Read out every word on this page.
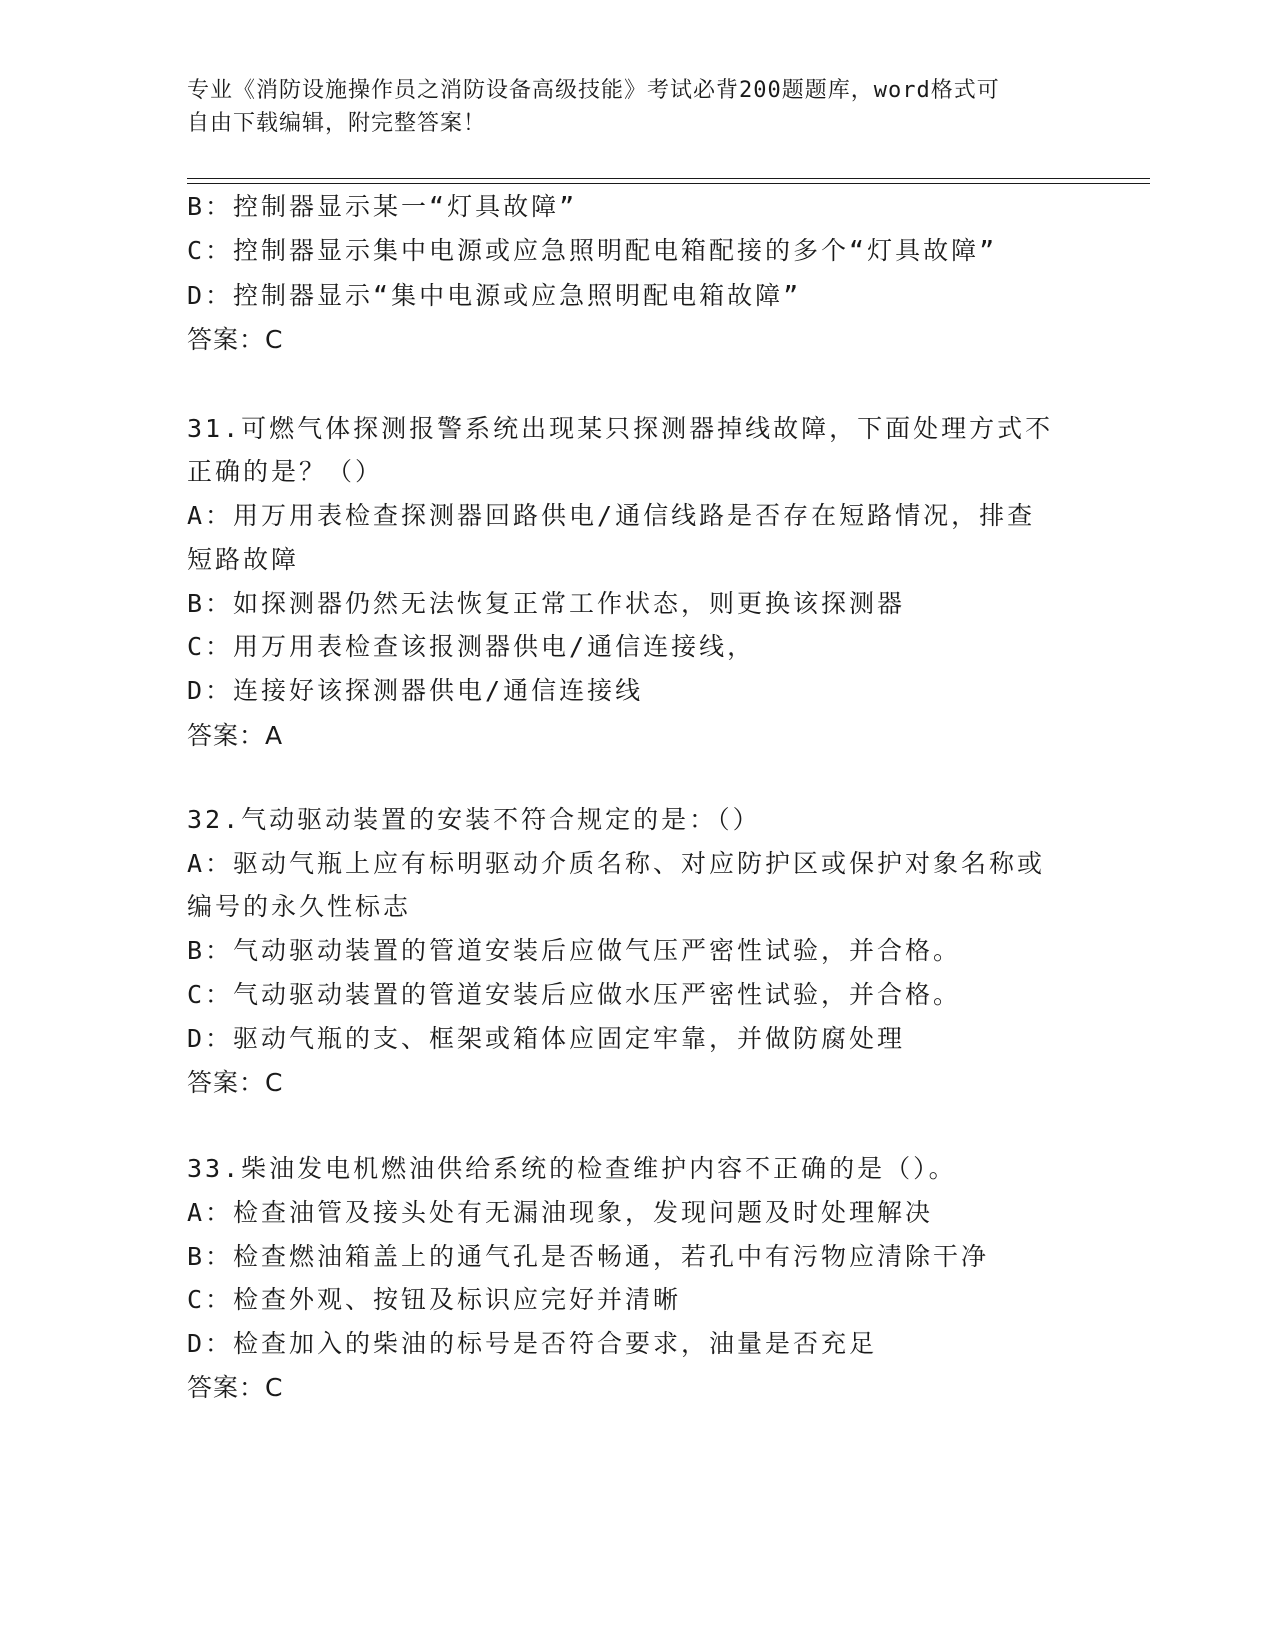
专业《消防设施操作员之消防设备高级技能》考试必背200题题库，word格式可
自由下载编辑，附完整答案！
B：控制器显示某一“灯具故障”
C：控制器显示集中电源或应急照明配电箱配接的多个“灯具故障”
D：控制器显示“集中电源或应急照明配电箱故障”
答案：C
31.可燃气体探测报警系统出现某只探测器掉线故障，下面处理方式不
正确的是？（）
A：用万用表检查探测器回路供电/通信线路是否存在短路情况，排查
短路故障
B：如探测器仍然无法恢复正常工作状态，则更换该探测器
C：用万用表检查该报测器供电/通信连接线，
D：连接好该探测器供电/通信连接线
答案：A
32.气动驱动装置的安装不符合规定的是：（）
A：驱动气瓶上应有标明驱动介质名称、对应防护区或保护对象名称或
编号的永久性标志
B：气动驱动装置的管道安装后应做气压严密性试验，并合格。
C：气动驱动装置的管道安装后应做水压严密性试验，并合格。
D：驱动气瓶的支、框架或箱体应固定牢靠，并做防腐处理
答案：C
33.柴油发电机燃油供给系统的检查维护内容不正确的是（）。
A：检查油管及接头处有无漏油现象，发现问题及时处理解决
B：检查燃油箱盖上的通气孔是否畅通，若孔中有污物应清除干净
C：检查外观、按钮及标识应完好并清晰
D：检查加入的柴油的标号是否符合要求，油量是否充足
答案：C
